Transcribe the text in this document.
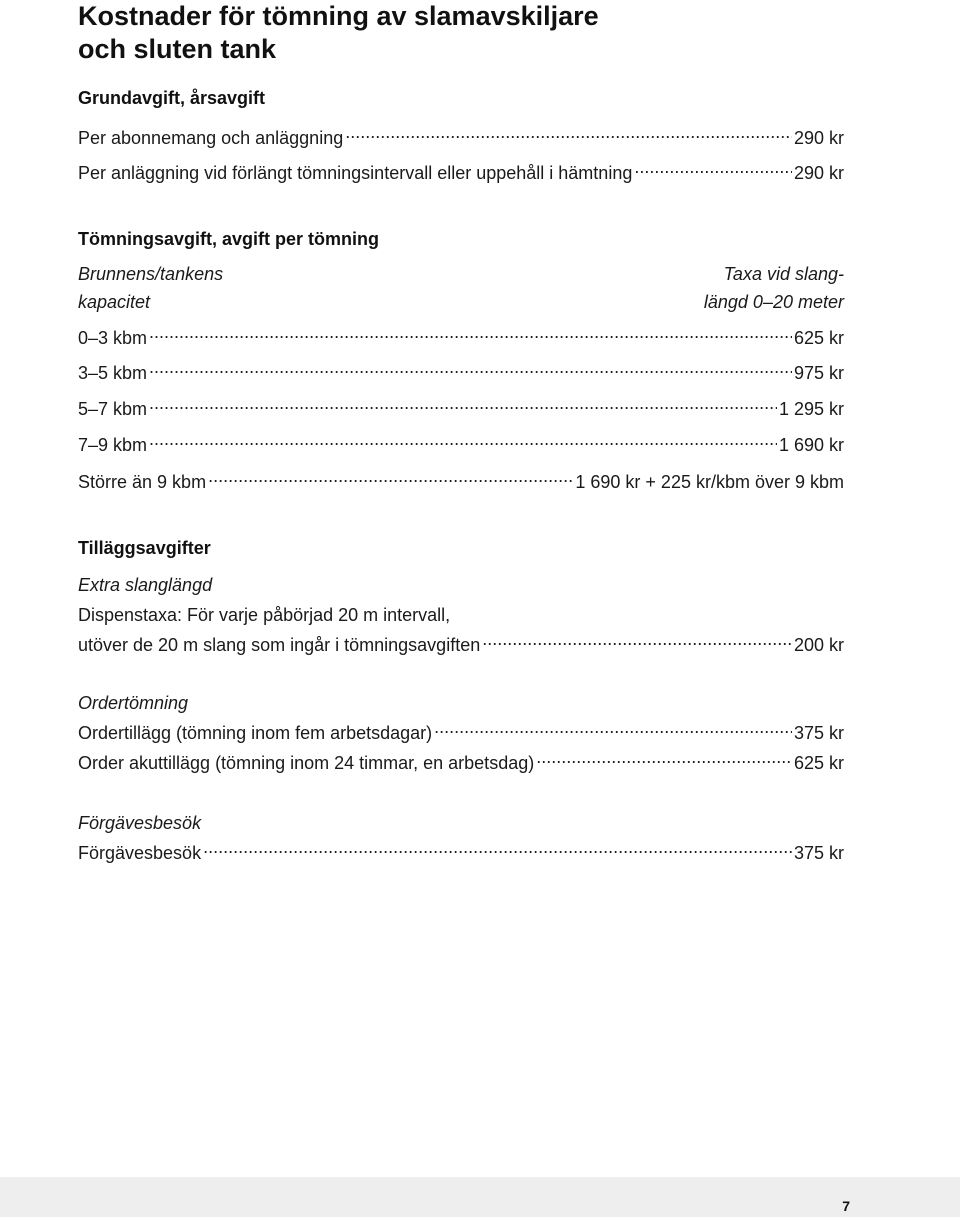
Kostnader för tömning av slamavskiljare
och sluten tank
Grundavgift, årsavgift
Per abonnemang och anläggning .....	290 kr
Per anläggning vid förlängt tömningsintervall eller uppehåll i hämtning .....	290 kr
Tömningsavgift, avgift per tömning
Brunnens/tankens
kapacitet
Taxa vid slang-
längd 0–20 meter
0–3 kbm .....	625 kr
3–5 kbm .....	975 kr
5–7 kbm .....	1 295 kr
7–9 kbm .....	1 690 kr
Större än 9 kbm .....	1 690 kr + 225 kr/kbm över 9 kbm
Tilläggsavgifter
Extra slanglängd
Dispenstaxa: För varje påbörjad 20 m intervall,
utöver de 20 m slang som ingår i tömningsavgiften .....	200 kr
Ordertömning
Ordertillägg (tömning inom fem arbetsdagar) .....	375 kr
Order akuttillägg (tömning inom 24 timmar, en arbetsdag) .....	625 kr
Förgävesbesök
Förgävesbesök .....	375 kr
7
